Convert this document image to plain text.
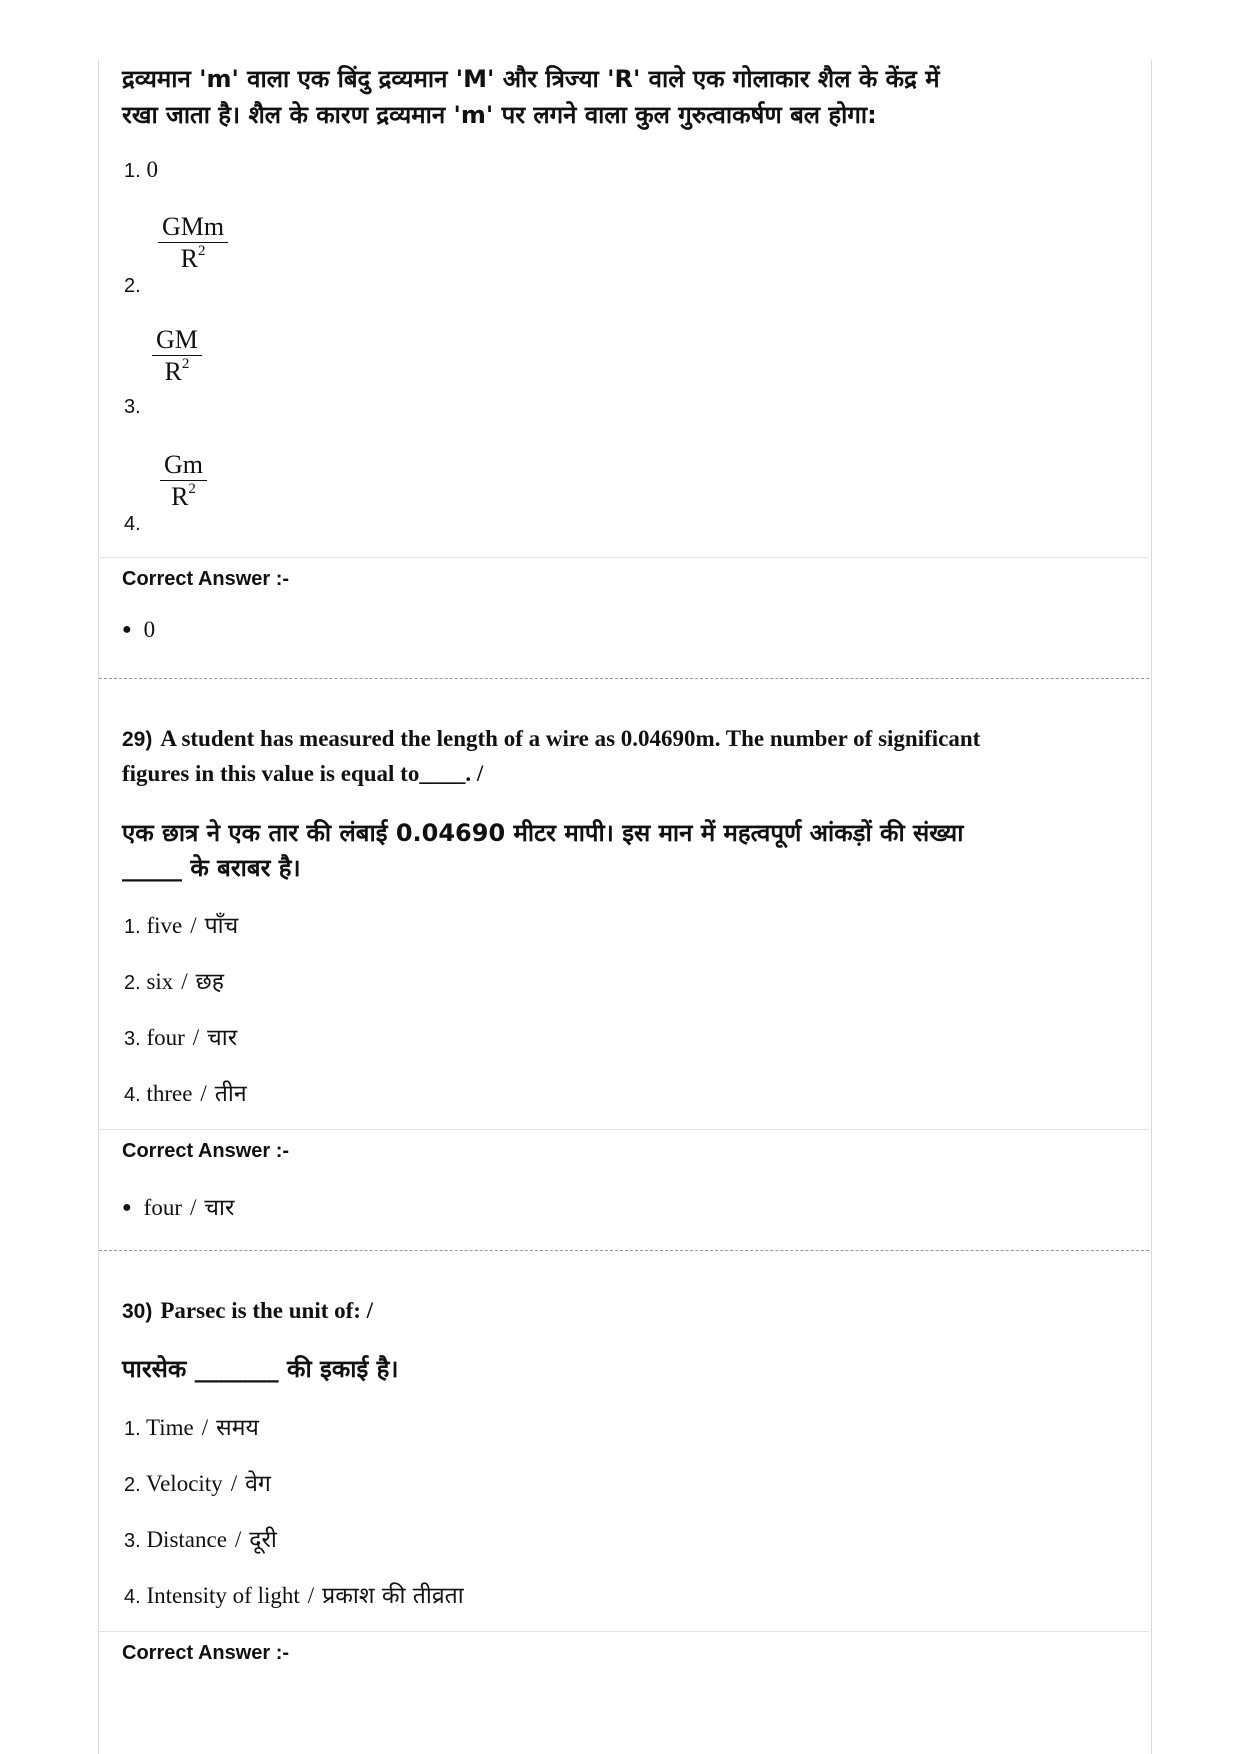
द्रव्यमान 'm' वाला एक बिंदु द्रव्यमान 'M' और त्रिज्या 'R' वाले एक गोलाकार शैल के केंद्र में
रखा जाता है। शैल के कारण द्रव्यमान 'm' पर लगने वाला कुल गुरुत्वाकर्षण बल होगा:
1. 0
2.
GMm
$R^2$
3.
$\frac{GM}{R^2}$
4.
$\frac{Gm}{R^2}$
Correct Answer :-
● 0
29) A student has measured the length of a wire as 0.04690m. The number of significant
figures in this value is equal to____. /
एक छात्र ने एक तार की लंबाई 0.04690 मीटर मापी। इस मान में महत्वपूर्ण आंकड़ों की संख्या
_____ के बराबर है।
1. five / पाँच
2. six / छह
3. four / चार
4. three / तीन
Correct Answer :-
● four / चार
30) Parsec is the unit of: /
पारसेक _______ की इकाई है।
1. Time / समय
2. Velocity / वेग
3. Distance / दूरी
4. Intensity of light / प्रकाश की तीव्रता
Correct Answer :-
